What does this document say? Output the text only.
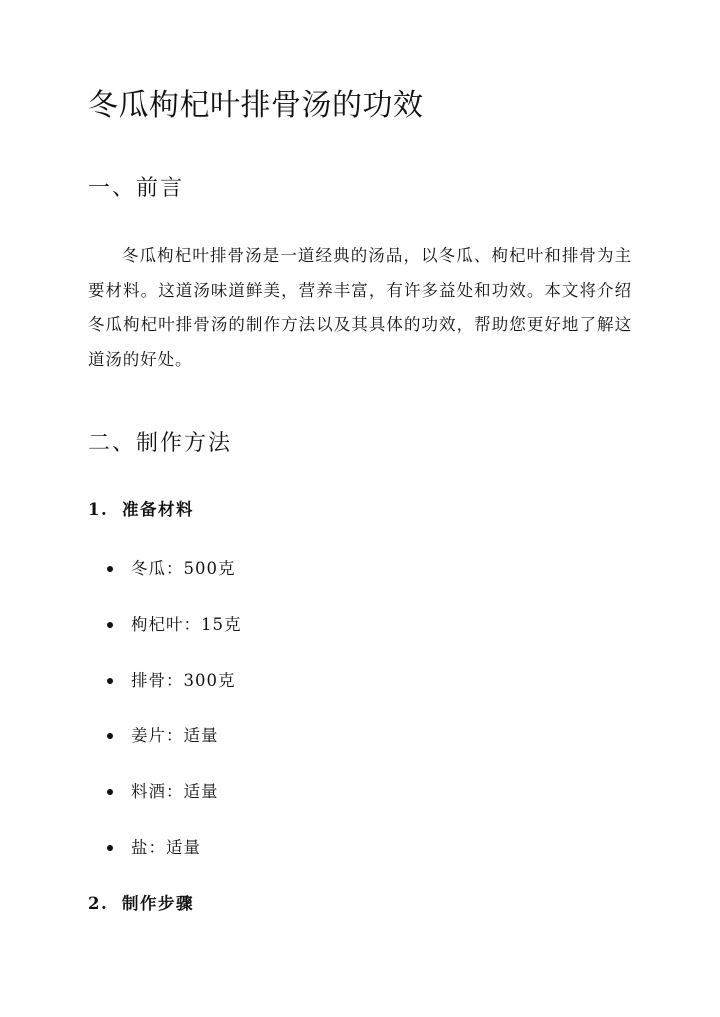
冬瓜枸杞叶排骨汤的功效
一、前言

冬瓜枸杞叶排骨汤是一道经典的汤品，以冬瓜、枸杞叶和排骨为主要材料。这道汤味道鲜美，营养丰富，有许多益处和功效。本文将介绍冬瓜枸杞叶排骨汤的制作方法以及其具体的功效，帮助您更好地了解这道汤的好处。

二、制作方法
1. 准备材料
冬瓜：500克
枸杞叶：15克
排骨：300克
姜片：适量
料酒：适量
盐：适量
2. 制作步骤
